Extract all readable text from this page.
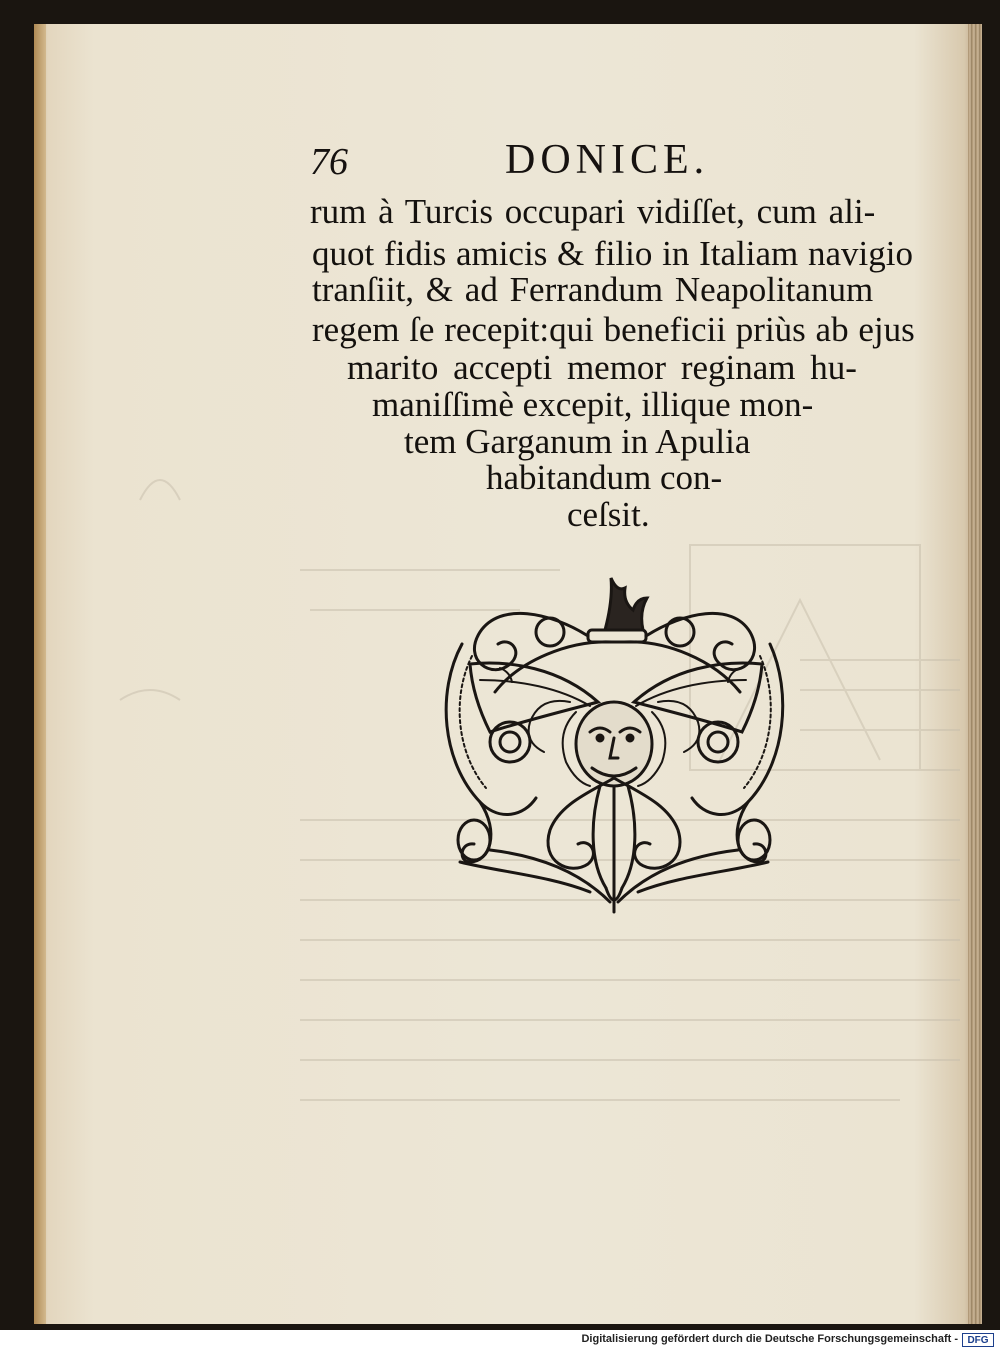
76	DONICE.
rum à Turcis occupari vidiſſet, cum ali-
quot fidis amicis & filio in Italiam navigio
tranſiit, & ad Ferrandum Neapolitanum
regem ſe recepit:qui beneficii priùs ab ejus
marito accepti memor reginam hu-
maniſſimè excepit, illique mon-
tem Garganum in Apulia
habitandum con-
ceſsit.
Digitalisierung gefördert durch die Deutsche Forschungsgemeinschaft - DFG
